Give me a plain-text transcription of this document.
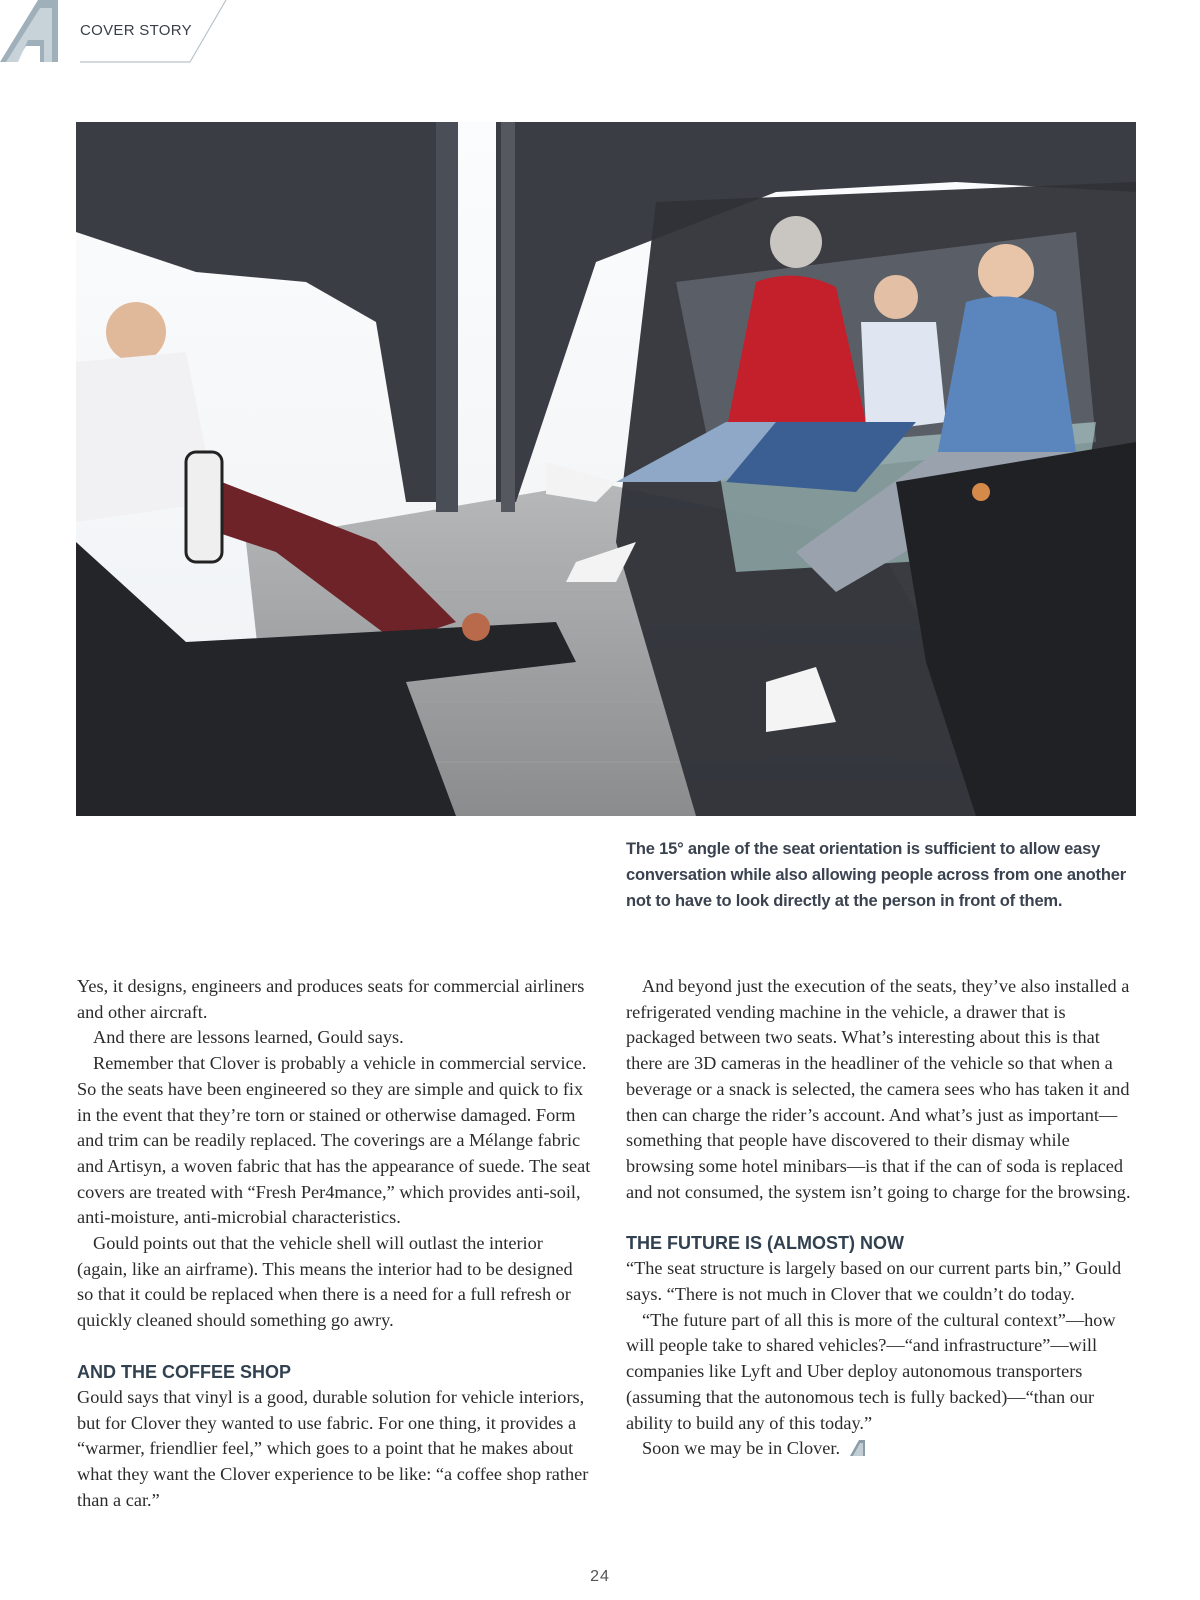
COVER STORY
The 15° angle of the seat orientation is sufficient to allow easy
conversation while also allowing people across from one another
not to have to look directly at the person in front of them.

Yes, it designs, engineers and produces seats for commercial airliners and other aircraft.

And there are lessons learned, Gould says.

Remember that Clover is probably a vehicle in commercial service. So the seats have been engineered so they are simple and quick to fix in the event that they’re torn or stained or otherwise damaged. Form and trim can be readily replaced. The coverings are a Mélange fabric and Artisyn, a woven fabric that has the appearance of suede. The seat covers are treated with “Fresh Per4mance,” which provides anti-soil, anti-moisture, anti-microbial characteristics.

Gould points out that the vehicle shell will outlast the interior (again, like an airframe). This means the interior had to be designed so that it could be replaced when there is a need for a full refresh or quickly cleaned should something go awry.

AND THE COFFEE SHOP

Gould says that vinyl is a good, durable solution for vehicle interiors, but for Clover they wanted to use fabric. For one thing, it provides a “warmer, friendlier feel,” which goes to a point that he makes about what they want the Clover experience to be like: “a coffee shop rather than a car.”

And beyond just the execution of the seats, they’ve also installed a refrigerated vending machine in the vehicle, a drawer that is packaged between two seats. What’s interesting about this is that there are 3D cameras in the headliner of the vehicle so that when a beverage or a snack is selected, the camera sees who has taken it and then can charge the rider’s account. And what’s just as important—something that people have discovered to their dismay while browsing some hotel minibars—is that if the can of soda is replaced and not consumed, the system isn’t going to charge for the browsing.

THE FUTURE IS (ALMOST) NOW

“The seat structure is largely based on our current parts bin,” Gould says. “There is not much in Clover that we couldn’t do today.

“The future part of all this is more of the cultural context”—how will people take to shared vehicles?—“and infrastructure”—will companies like Lyft and Uber deploy autonomous transporters (assuming that the autonomous tech is fully backed)—“than our ability to build any of this today.”

Soon we may be in Clover.

24
